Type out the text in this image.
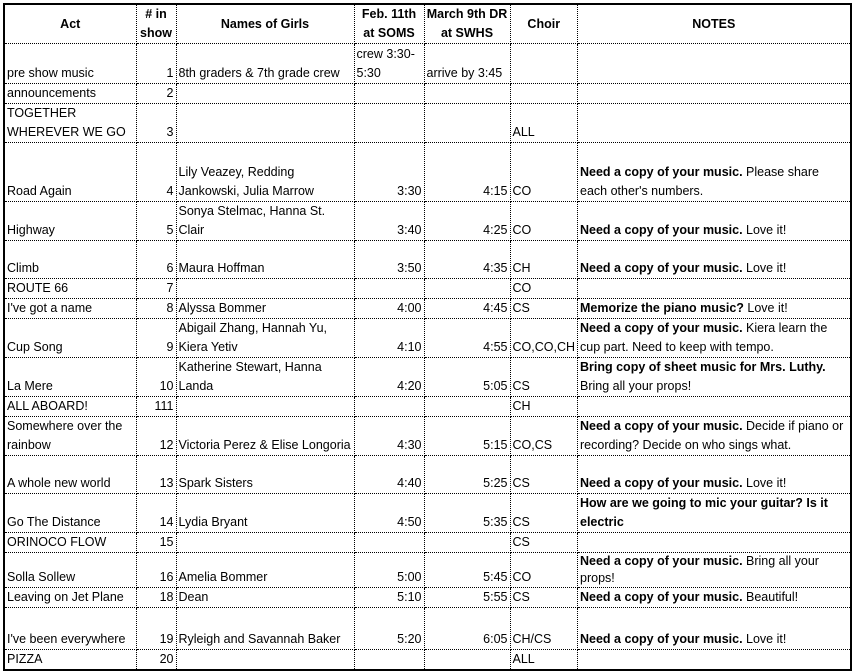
Act	# in show	Names of Girls	Feb. 11th at SOMS	March 9th DR at SWHS	Choir	NOTES
pre show music	1	8th graders & 7th grade crew	crew 3:30-5:30	arrive by 3:45		
announcements	2					
TOGETHER WHEREVER WE GO	3				ALL	
Road Again	4	Lily Veazey, Redding Jankowski, Julia Marrow	3:30	4:15	CO	Need a copy of your music. Please share each other's numbers.
Highway	5	Sonya Stelmac, Hanna St. Clair	3:40	4:25	CO	Need a copy of your music. Love it!
Climb	6	Maura Hoffman	3:50	4:35	CH	Need a copy of your music. Love it!
ROUTE 66	7				CO	
I've got a name	8	Alyssa Bommer	4:00	4:45	CS	Memorize the piano music? Love it!
Cup Song	9	Abigail Zhang, Hannah Yu, Kiera Yetiv	4:10	4:55	CO,CO,CH	Need a copy of your music. Kiera learn the cup part. Need to keep with tempo.
La Mere	10	Katherine Stewart, Hanna Landa	4:20	5:05	CS	Bring copy of sheet music for Mrs. Luthy. Bring all your props!
ALL ABOARD!	111				CH	
Somewhere over the rainbow	12	Victoria Perez & Elise Longoria	4:30	5:15	CO,CS	Need a copy of your music. Decide if piano or recording? Decide on who sings what.
A whole new world	13	Spark Sisters	4:40	5:25	CS	Need a copy of your music. Love it!
Go The Distance	14	Lydia Bryant	4:50	5:35	CS	How are we going to mic your guitar? Is it electric
ORINOCO FLOW	15				CS	
Solla Sollew	16	Amelia Bommer	5:00	5:45	CO	Need a copy of your music. Bring all your props!
Leaving on Jet Plane	18	Dean	5:10	5:55	CS	Need a copy of your music. Beautiful!
I've been everywhere	19	Ryleigh and Savannah Baker	5:20	6:05	CH/CS	Need a copy of your music. Love it!
PIZZA	20				ALL	
